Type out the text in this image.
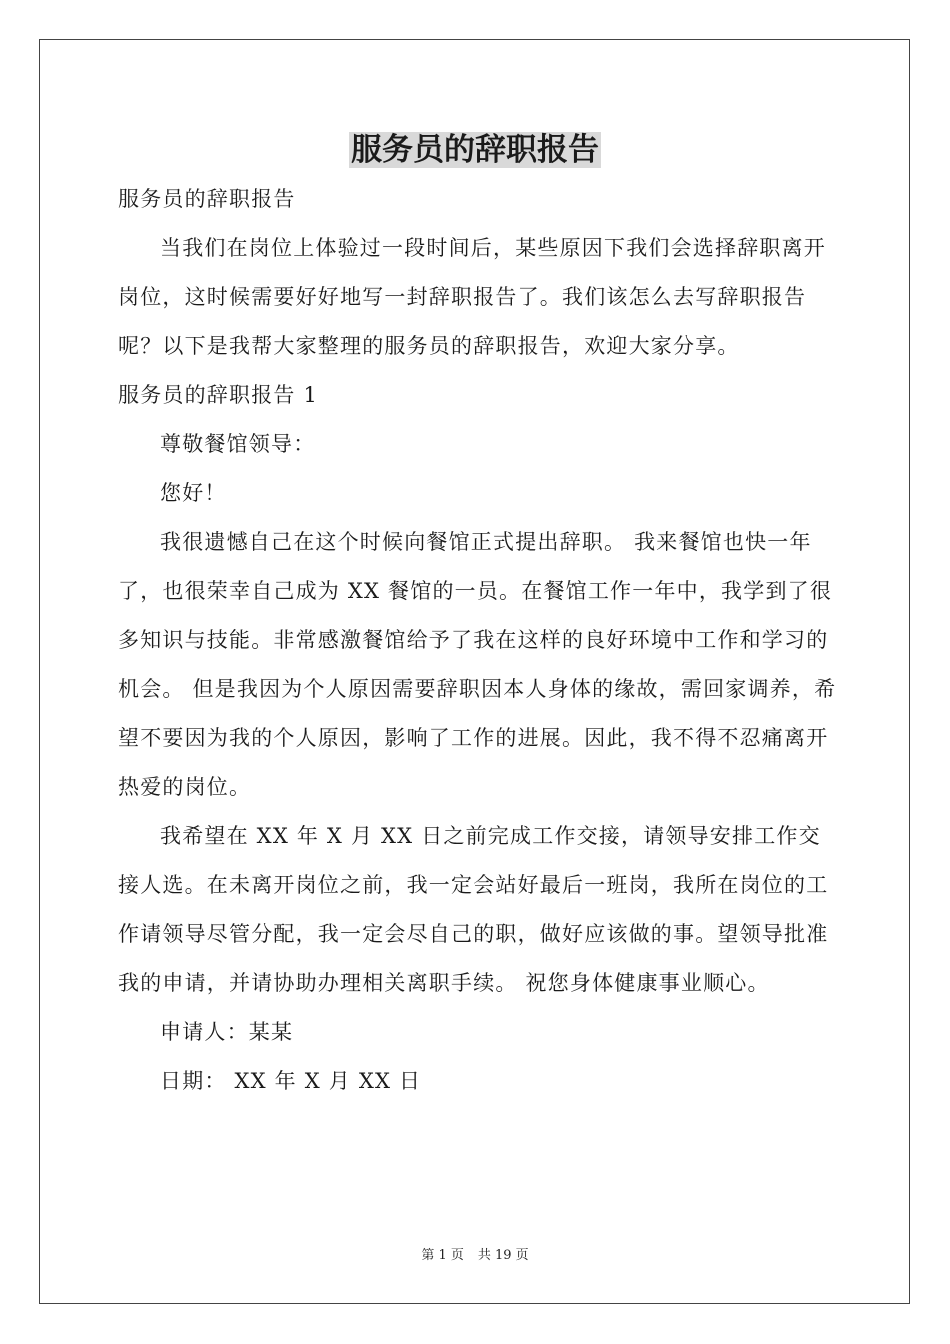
服务员的辞职报告

服务员的辞职报告

当我们在岗位上体验过一段时间后，某些原因下我们会选择辞职离开岗位，这时候需要好好地写一封辞职报告了。我们该怎么去写辞职报告呢？以下是我帮大家整理的服务员的辞职报告，欢迎大家分享。

服务员的辞职报告 1

尊敬餐馆领导：

您好！

我很遗憾自己在这个时候向餐馆正式提出辞职。 我来餐馆也快一年了，也很荣幸自己成为 XX 餐馆的一员。在餐馆工作一年中，我学到了很多知识与技能。非常感激餐馆给予了我在这样的良好环境中工作和学习的机会。 但是我因为个人原因需要辞职因本人身体的缘故，需回家调养，希望不要因为我的个人原因，影响了工作的进展。因此，我不得不忍痛离开热爱的岗位。

我希望在 XX 年 X 月 XX 日之前完成工作交接，请领导安排工作交接人选。在未离开岗位之前，我一定会站好最后一班岗，我所在岗位的工作请领导尽管分配，我一定会尽自己的职，做好应该做的事。望领导批准我的申请，并请协助办理相关离职手续。 祝您身体健康事业顺心。

申请人：某某

日期： XX 年 X 月 XX 日

第 1 页 共 19 页
